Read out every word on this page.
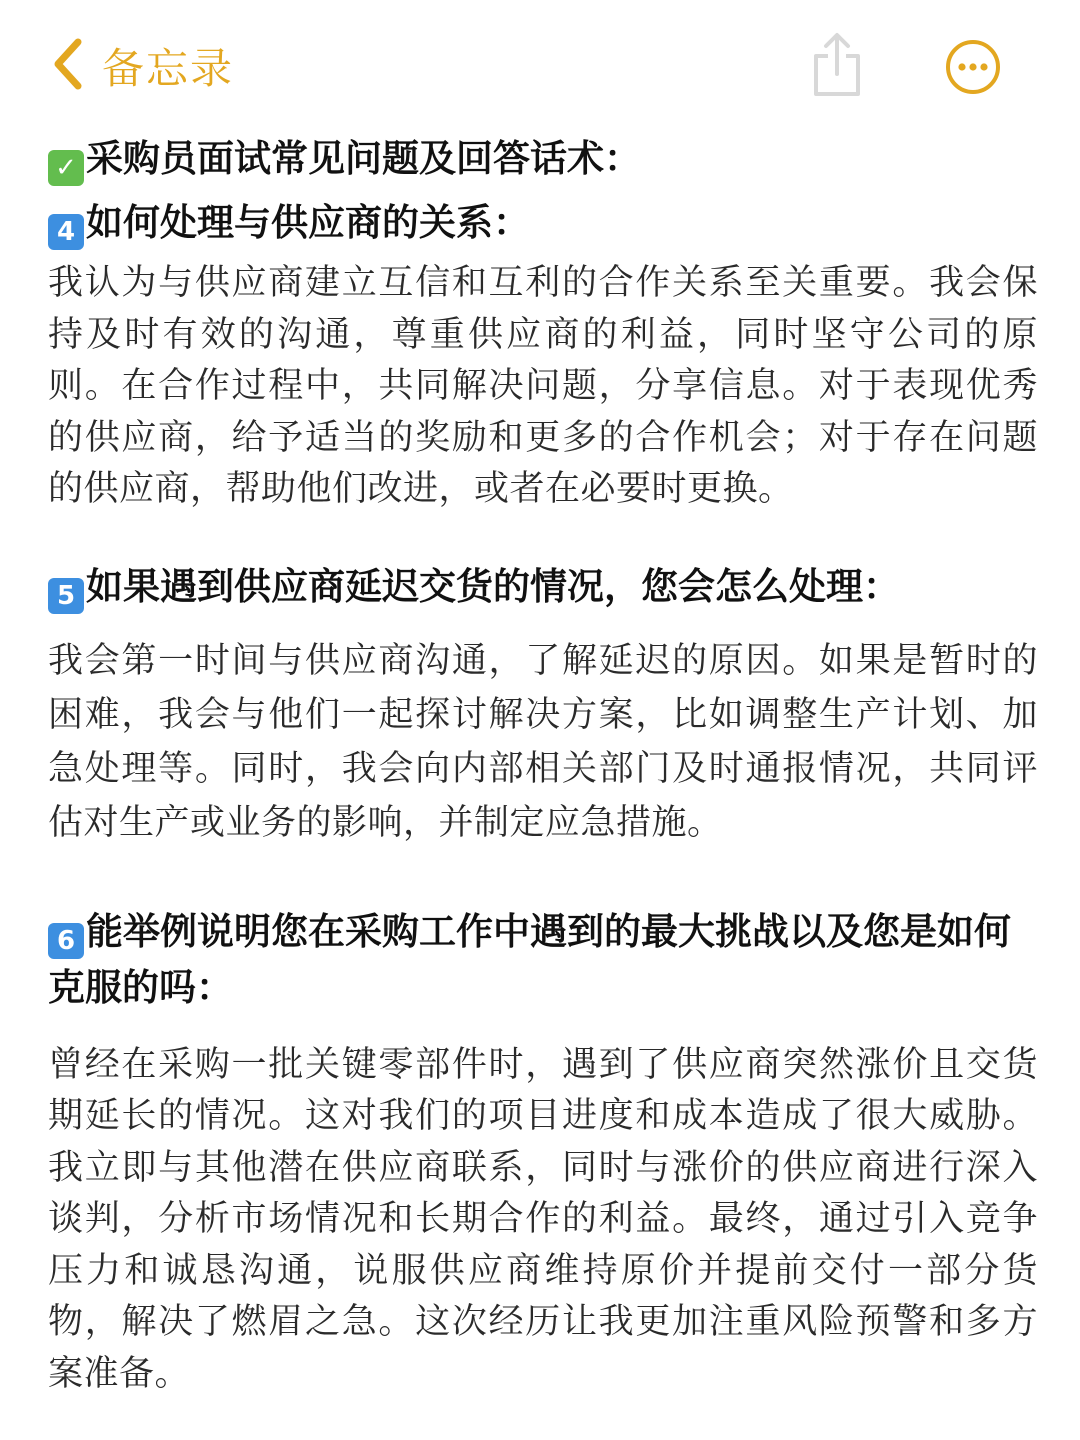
备忘录

✓ 采购员面试常见问题及回答话术：

4 如何处理与供应商的关系：

我认为与供应商建立互信和互利的合作关系至关重要。我会保持及时有效的沟通，尊重供应商的利益，同时坚守公司的原则。在合作过程中，共同解决问题，分享信息。对于表现优秀的供应商，给予适当的奖励和更多的合作机会；对于存在问题的供应商，帮助他们改进，或者在必要时更换。

5 如果遇到供应商延迟交货的情况，您会怎么处理：

我会第一时间与供应商沟通，了解延迟的原因。如果是暂时的困难，我会与他们一起探讨解决方案，比如调整生产计划、加急处理等。同时，我会向内部相关部门及时通报情况，共同评估对生产或业务的影响，并制定应急措施。

6 能举例说明您在采购工作中遇到的最大挑战以及您是如何克服的吗：

曾经在采购一批关键零部件时，遇到了供应商突然涨价且交货期延长的情况。这对我们的项目进度和成本造成了很大威胁。我立即与其他潜在供应商联系，同时与涨价的供应商进行深入谈判，分析市场情况和长期合作的利益。最终，通过引入竞争压力和诚恳沟通，说服供应商维持原价并提前交付一部分货物，解决了燃眉之急。这次经历让我更加注重风险预警和多方案准备。
